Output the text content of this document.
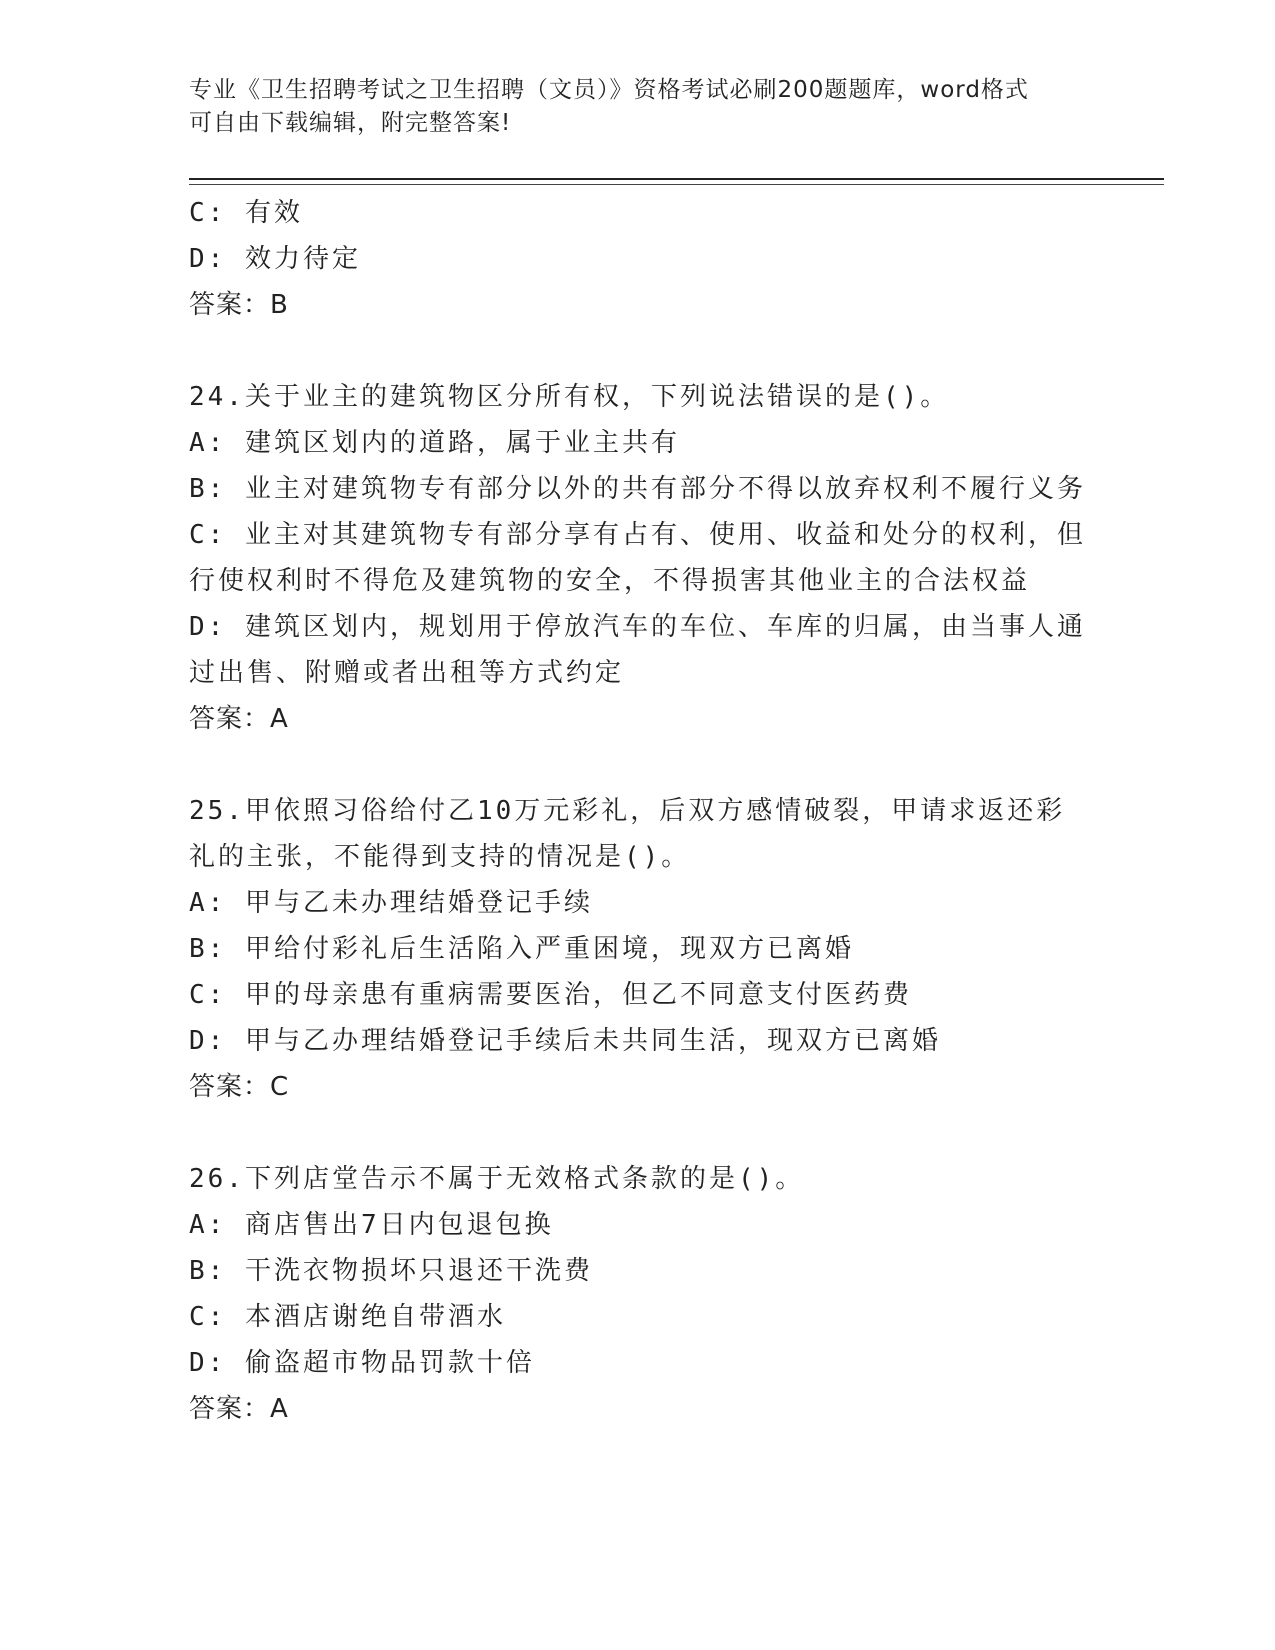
专业《卫生招聘考试之卫生招聘（文员）》资格考试必刷200题题库，word格式
可自由下载编辑，附完整答案!
C: 有效
D: 效力待定
答案：B
24.关于业主的建筑物区分所有权，下列说法错误的是()。
A: 建筑区划内的道路，属于业主共有
B: 业主对建筑物专有部分以外的共有部分不得以放弃权利不履行义务
C: 业主对其建筑物专有部分享有占有、使用、收益和处分的权利，但
行使权利时不得危及建筑物的安全，不得损害其他业主的合法权益
D: 建筑区划内，规划用于停放汽车的车位、车库的归属，由当事人通
过出售、附赠或者出租等方式约定
答案：A
25.甲依照习俗给付乙10万元彩礼，后双方感情破裂，甲请求返还彩
礼的主张，不能得到支持的情况是()。
A: 甲与乙未办理结婚登记手续
B: 甲给付彩礼后生活陷入严重困境，现双方已离婚
C: 甲的母亲患有重病需要医治，但乙不同意支付医药费
D: 甲与乙办理结婚登记手续后未共同生活，现双方已离婚
答案：C
26.下列店堂告示不属于无效格式条款的是()。
A: 商店售出7日内包退包换
B: 干洗衣物损坏只退还干洗费
C: 本酒店谢绝自带酒水
D: 偷盗超市物品罚款十倍
答案：A
